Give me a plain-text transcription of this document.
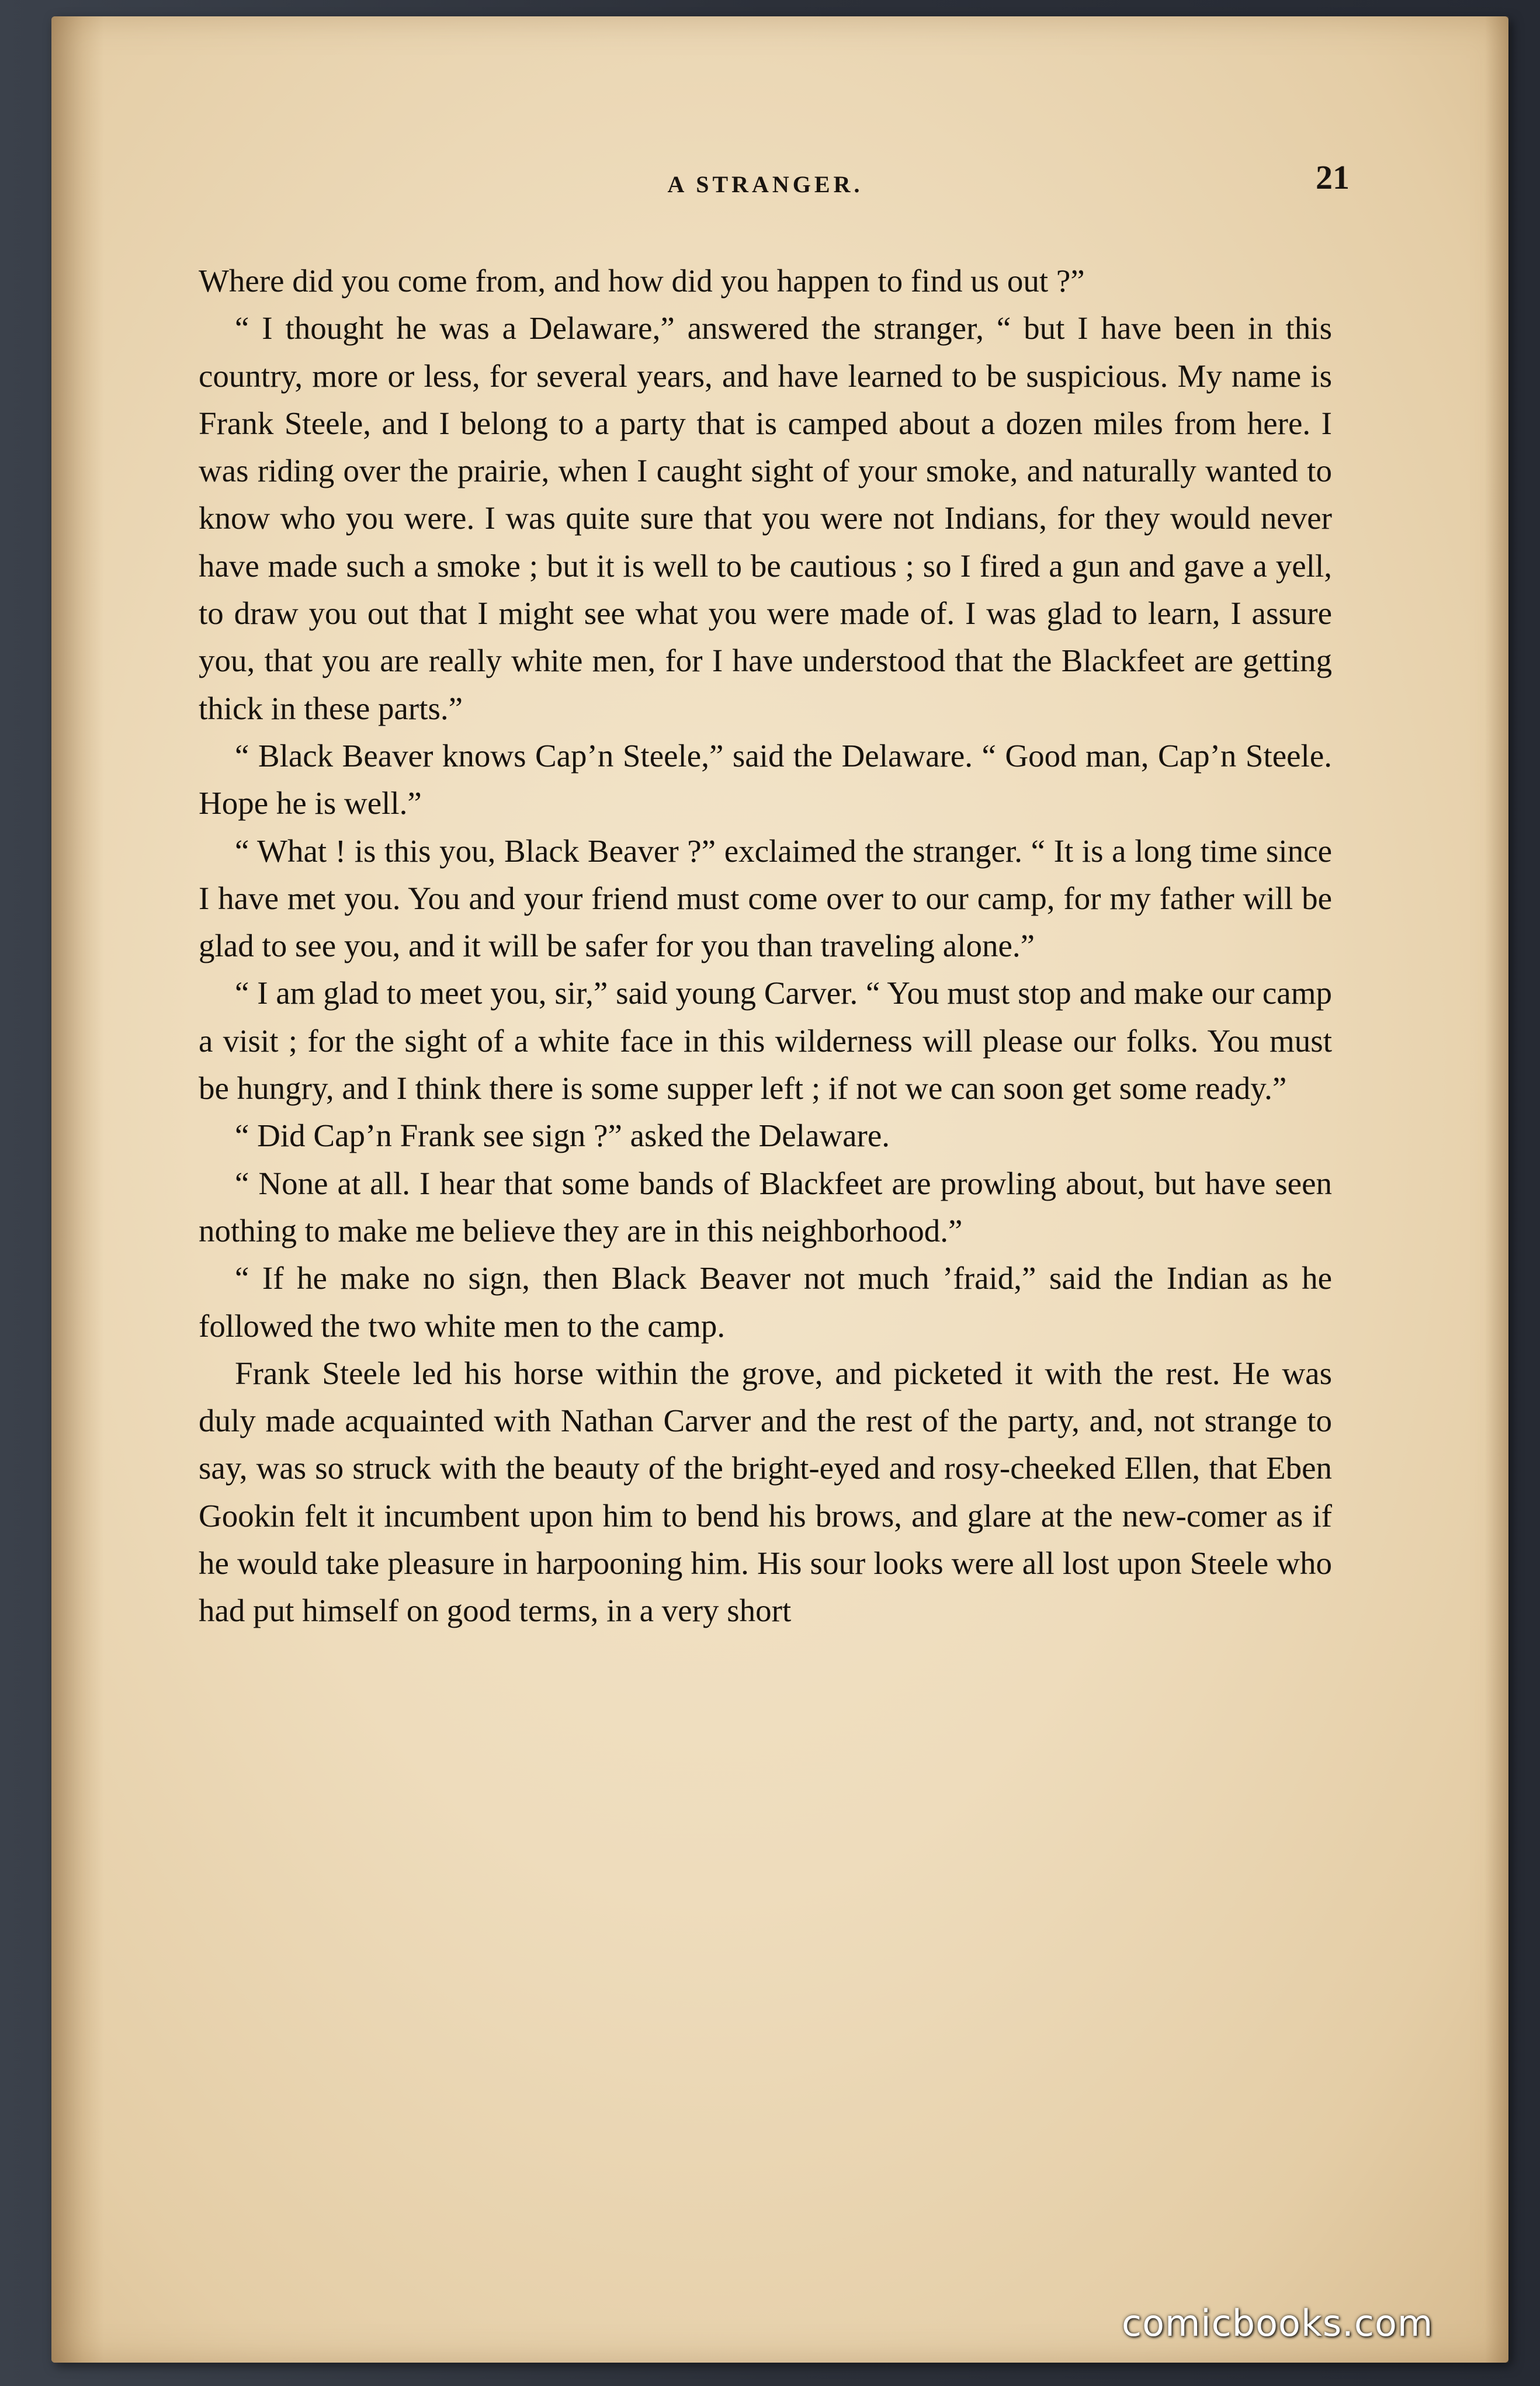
A STRANGER.	21

Where did you come from, and how did you happen to find us out ?”

“ I thought he was a Delaware,” answered the stranger, “ but I have been in this country, more or less, for several years, and have learned to be suspicious. My name is Frank Steele, and I belong to a party that is camped about a dozen miles from here. I was riding over the prairie, when I caught sight of your smoke, and naturally wanted to know who you were. I was quite sure that you were not Indians, for they would never have made such a smoke ; but it is well to be cautious ; so I fired a gun and gave a yell, to draw you out that I might see what you were made of. I was glad to learn, I assure you, that you are really white men, for I have understood that the Blackfeet are getting thick in these parts.”

“ Black Beaver knows Cap’n Steele,” said the Delaware. “ Good man, Cap’n Steele. Hope he is well.”

“ What ! is this you, Black Beaver ?” exclaimed the stranger. “ It is a long time since I have met you. You and your friend must come over to our camp, for my father will be glad to see you, and it will be safer for you than traveling alone.”

“ I am glad to meet you, sir,” said young Carver. “ You must stop and make our camp a visit ; for the sight of a white face in this wilderness will please our folks. You must be hungry, and I think there is some supper left ; if not we can soon get some ready.”

“ Did Cap’n Frank see sign ?” asked the Delaware.

“ None at all. I hear that some bands of Blackfeet are prowling about, but have seen nothing to make me believe they are in this neighborhood.”

“ If he make no sign, then Black Beaver not much ’fraid,” said the Indian as he followed the two white men to the camp.

Frank Steele led his horse within the grove, and picketed it with the rest. He was duly made acquainted with Nathan Carver and the rest of the party, and, not strange to say, was so struck with the beauty of the bright-eyed and rosy-cheeked Ellen, that Eben Gookin felt it incumbent upon him to bend his brows, and glare at the new-comer as if he would take pleasure in harpooning him. His sour looks were all lost upon Steele who had put himself on good terms, in a very short

comicbooks.com
